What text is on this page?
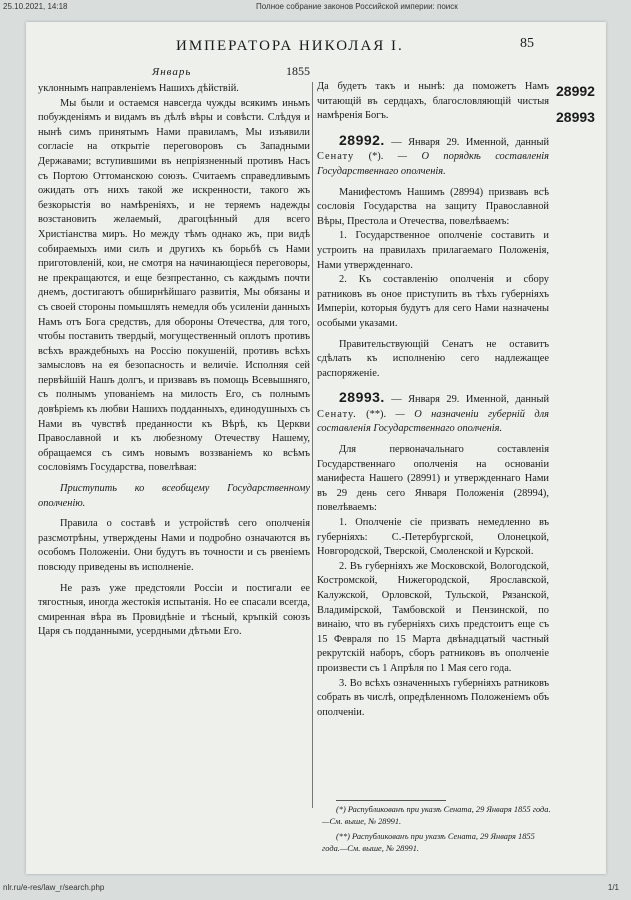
25.10.2021, 14:18	Полное собрание законов Российской империи: поиск
ИМПЕРАТОРА НИКОЛАЯ I.	85
Январь	1855

уклоннымъ направленіемъ Нашихъ дѣйствій.

Мы были и остаемся навсегда чужды всякимъ иньмъ побужденіямъ и видамъ въ дѣлѣ вѣры и совѣсти. Слѣдуя и нынѣ симъ принятымъ Нами правиламъ, Мы изъявили согласіе на открытіе переговоровъ съ Западными Державами; вступившими въ непріязненный противъ Насъ съ Портою Оттоманскою союзъ. Считаемъ справедливымъ ожидать отъ нихъ такой же искренности, такого жъ безкорыстія во намѣреніяхъ, и не теряемъ надежды возстановить желаемый, драгоцѣнный для всего Христіанства миръ. Но между тѣмъ однако жъ, при видѣ собираемыхъ ими силъ и другихъ къ борьбѣ съ Нами приготовленій, кои, не смотря на начинающіеся переговоры, не прекращаются, и еще безпрестанно, съ каждымъ почти днемъ, достигаютъ обширнѣйшаго развитія, Мы обязаны и съ своей стороны помышлять немедля объ усиленіи данныхъ Намъ отъ Бога средствъ, для обороны Отечества, для того, чтобы поставить твердый, могущественный оплотъ противъ всѣхъ враждебныхъ на Россію покушеній, противъ всѣхъ замысловъ на ея безопасность и величіе. Исполняя сей первѣйшій Нашъ долгъ, и призвавъ въ помощь Всевышняго, съ полнымъ упованіемъ на милость Его, съ полнымъ довѣріемъ къ любви Нашихъ подданныхъ, единодушныхъ съ Нами въ чувствѣ преданности къ Вѣрѣ, къ Церкви Православной и къ любезному Отечеству Нашему, обращаемся съ симъ новымъ воззваніемъ ко всѣмъ сословіямъ Государства, повелѣвая:

Приступить ко всеобщему Государственному ополченію.

Правила о составѣ и устройствѣ сего ополченія разсмотрѣны, утверждены Нами и подробно означаются въ особомъ Положеніи. Они будутъ въ точности и съ рвеніемъ повсюду приведены въ исполненіе.

Не разъ уже предстояли Россіи и постигали ее тягостныя, иногда жестокія испытанія. Но ее спасали всегда, смиренная вѣра въ Провидѣніе и тѣсный, кръпкій союзъ Царя съ подданными, усердными дѣтьми Его.

Да будетъ такъ и нынѣ: да поможетъ Намъ читающій въ сердцахъ, благословляющій чистыя намѣренія Богъ.

28992. — Января 29. Именной, данный Сенату (*). — О порядкѣ составленія Государственнаго ополченія.

Манифестомъ Нашимъ (28994) призвавъ всѣ сословія Государства на защиту Православной Вѣры, Престола и Отечества, повелѣваемъ:

1. Государственное ополченіе составить и устроить на правилахъ прилагаемаго Положенія, Нами утвержденнаго.

2. Къ составленію ополченія и сбору ратниковъ въ оное приступить въ тѣхъ губерніяхъ Имперіи, которыя будутъ для сего Нами назначены особыми указами.

Правительствующій Сенатъ не оставитъ сдѣлать къ исполненію сего надлежащее распоряженіе.

28993. — Января 29. Именной, данный Сенату. (**). — О назначеніи губерній для составленія Государственнаго ополченія.

Для первоначальнаго составленія Государственнаго ополченія на основаніи манифеста Нашего (28991) и утвержденнаго Нами въ 29 день сего Января Положенія (28994), повелѣваемъ:

1. Ополченіе сіе призвать немедленно въ губерніяхъ: С.-Петербургской, Олонецкой, Новгородской, Тверской, Смоленской и Курской.

2. Въ губерніяхъ же Московской, Вологодской, Костромской, Нижегородской, Ярославской, Калужской, Орловской, Тульской, Рязанской, Владимірской, Тамбовской и Пензинской, по винаію, что въ губерніяхъ сихъ предстоитъ еще съ 15 Февраля по 15 Марта двѣнадцатый частный рекрутскій наборъ, сборъ ратниковъ въ ополченіе произвести съ 1 Апрѣля по 1 Мая сего года.

3. Во всѣхъ означенныхъ губерніяхъ ратниковъ собрать въ числѣ, опредѣленномъ Положеніемъ объ ополченіи.

28992
28993

(*) Распубликованъ при указѣ Сената, 29 Января 1855 года.—См. выше, № 28991.

(**) Распубликованъ при указѣ Сената, 29 Января 1855 года.—См. выше, № 28991.

nlr.ru/e-res/law_r/search.php	1/1
